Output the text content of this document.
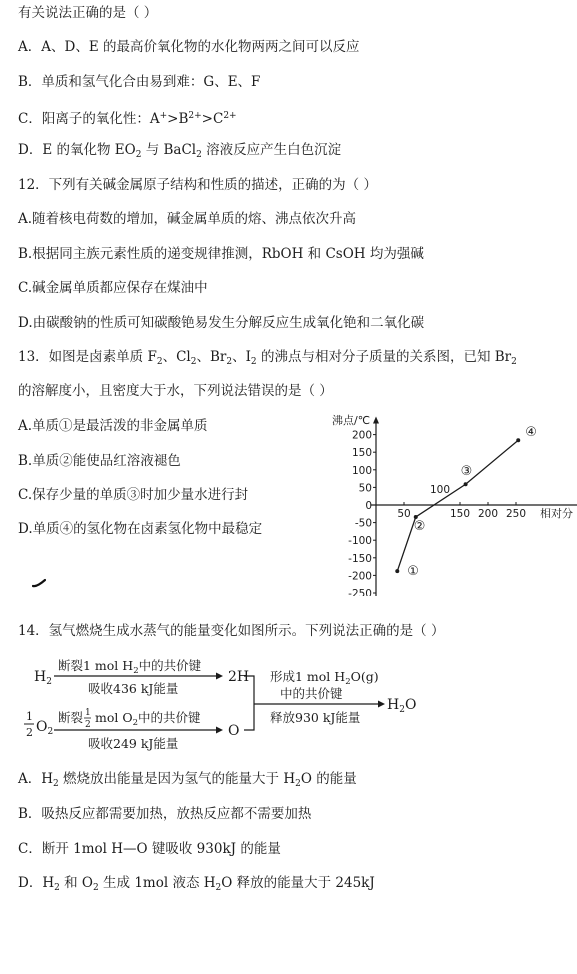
有关说法正确的是（ ）
A．A、D、E 的最高价氧化物的水化物两两之间可以反应
B．单质和氢气化合由易到难：G、E、F
C．阳离子的氧化性：$A^+>B^{2+}>C^{2+}$
D．E 的氧化物 $EO_2$ 与 BaCl$_2$ 溶液反应产生白色沉淀
12．下列有关碱金属原子结构和性质的描述，正确的为（ ）
A.随着核电荷数的增加，碱金属单质的熔、沸点依次升高
B.根据同主族元素性质的递变规律推测，RbOH 和 CsOH 均为强碱
C.碱金属单质都应保存在煤油中
D.由碳酸钠的性质可知碳酸铯易发生分解反应生成氧化铯和二氧化碳
13．如图是卤素单质 $F_2$、$Cl_2$、$Br_2$、$I_2$ 的沸点与相对分子质量的关系图，已知 $Br_2$
的溶解度小，且密度大于水，下列说法错误的是（ ）
A.单质①是最活泼的非金属单质
B.单质②能使品红溶液褪色
C.保存少量的单质③时加少量水进行封
D.单质④的氢化物在卤素氢化物中最稳定
沸点/℃
相对分
200
150
100
50
0
-50
-100
-150
-200
-250
50	150 200 250
100
①
②
③
④
14．氢气燃烧生成水蒸气的能量变化如图所示。下列说法正确的是（ ）
$H_2$
断裂1 mol $H_2$中的共价键
吸收436 kJ能量
2H
1
2 $O_2$
断裂 1
2 mol $O_2$中的共价键
吸收249 kJ能量
O
形成1 mol $H_2O(g)$
中的共价键
释放930 kJ能量
$H_2O$
A．$H_2$ 燃烧放出能量是因为氢气的能量大于 $H_2O$ 的能量
B．吸热反应都需要加热，放热反应都不需要加热
C．断开 1mol H—O 键吸收 930kJ 的能量
D．$H_2$ 和 $O_2$ 生成 1mol 液态 $H_2O$ 释放的能量大于 245kJ
